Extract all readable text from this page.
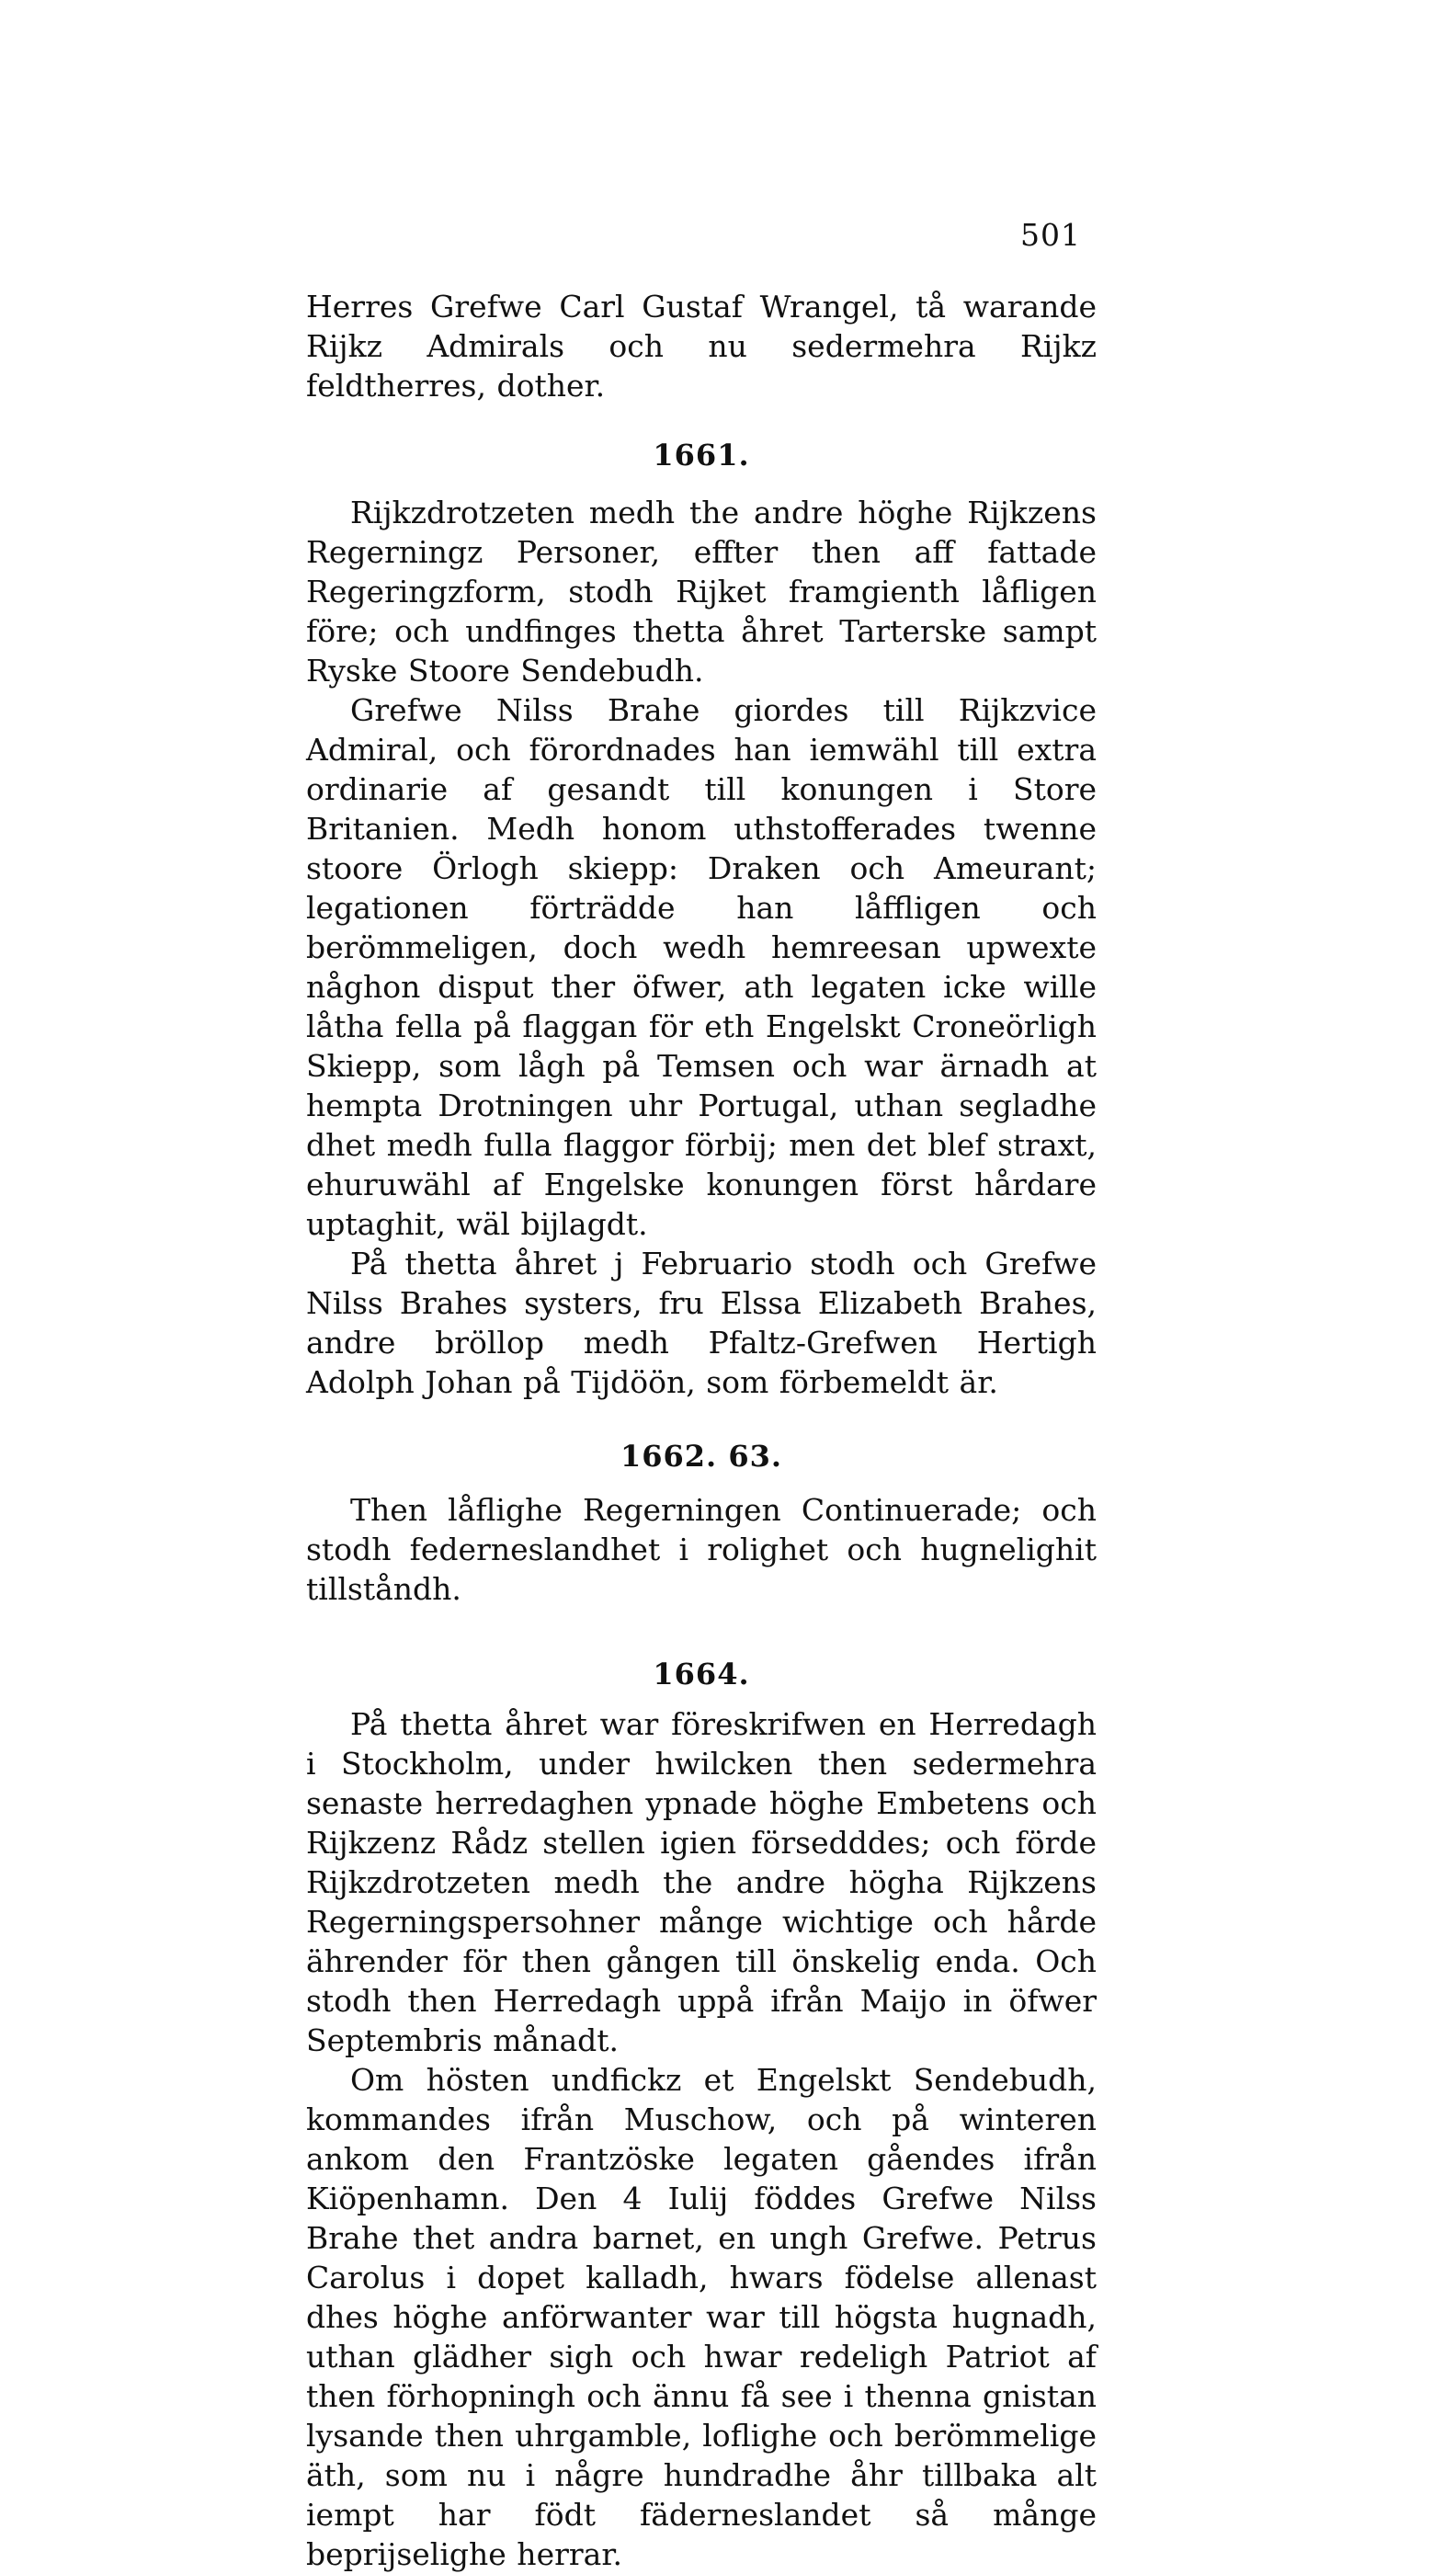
501

Herres Grefwe Carl Gustaf Wrangel, tå warande Rijkz Admirals och nu sedermehra Rijkz feldtherres, dother.

1661.

Rijkzdrotzeten medh the andre höghe Rijkzens Regerningz Personer, effter then aff fattade Regeringzform, stodh Rijket framgienth låfligen före; och undfinges thetta åhret Tarterske sampt Ryske Stoore Sendebudh.

Grefwe Nilss Brahe giordes till Rijkzvice Admiral, och förordnades han iemwähl till extra ordinarie af gesandt till konungen i Store Britanien. Medh honom uthstofferades twenne stoore Örlogh skiepp: Draken och Ameurant; legationen förträdde han låffligen och berömmeligen, doch wedh hemreesan upwexte någhon disput ther öfwer, ath legaten icke wille låtha fella på flaggan för eth Engelskt Croneörligh Skiepp, som lågh på Temsen och war ärnadh at hempta Drotningen uhr Portugal, uthan segladhe dhet medh fulla flaggor förbij; men det blef straxt, ehuruwähl af Engelske konungen först hårdare uptaghit, wäl bijlagdt.

På thetta åhret j Februario stodh och Grefwe Nilss Brahes systers, fru Elssa Elizabeth Brahes, andre bröllop medh Pfaltz-Grefwen Hertigh Adolph Johan på Tijdöön, som förbemeldt är.

1662. 63.

Then låflighe Regerningen Continuerade; och stodh federneslandhet i rolighet och hugnelighit tillståndh.

1664.

På thetta åhret war föreskrifwen en Herredagh i Stockholm, under hwilcken then sedermehra senaste herredaghen ypnade höghe Embetens och Rijkzenz Rådz stellen igien försedddes; och förde Rijkzdrotzeten medh the andre högha Rijkzens Regerningspersohner månge wichtige och hårde ährender för then gången till önskelig enda. Och stodh then Herredagh uppå ifrån Maijo in öfwer Septembris månadt.

Om hösten undfickz et Engelskt Sendebudh, kommandes ifrån Muschow, och på winteren ankom den Frantzöske legaten gåendes ifrån Kiöpenhamn. Den 4 Iulij föddes Grefwe Nilss Brahe thet andra barnet, en ungh Grefwe. Petrus Carolus i dopet kalladh, hwars födelse allenast dhes höghe anförwanter war till högsta hugnadh, uthan glädher sigh och hwar redeligh Patriot af then förhopningh och ännu få see i thenna gnistan lysande then uhrgamble, loflighe och berömmelige äth, som nu i någre hundradhe åhr tillbaka alt iempt har födt fäderneslandet så månge beprijselighe herrar.
